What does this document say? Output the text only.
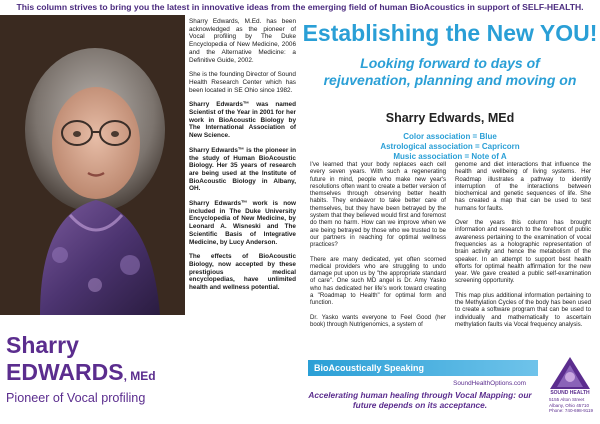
This column strives to bring you the latest in innovative ideas from the emerging field of human BioAcoustics in support of SELF-HEALTH.

Sharry Edwards, M.Ed. has been acknowledged as the pioneer of Vocal profiling by The Duke Encyclopedia of New Medicine, 2006 and the Alternative Medicine: a Definitive Guide, 2002.

She is the founding Director of Sound Health Research Center which has been located in SE Ohio since 1982.

Sharry Edwards™ was named Scientist of the Year in 2001 for her work in BioAcoustic Biology by The International Association of New Science.

Sharry Edwards™ is the pioneer in the study of Human BioAcoustic Biology. Her 35 years of research are being used at the Institute of BioAcoustic Biology in Albany, OH.

Sharry Edwards™ work is now included in The Duke University Encyclopedia of New Medicine, by Leonard A. Wisneski and The Scientific Basis of Integrative Medicine, by Lucy Anderson.

The effects of BioAcoustic Biology, now accepted by these prestigious medical encyclopedias, have unlimited health and wellness potential.

Sharry
EDWARDS, MEd
Pioneer of Vocal profiling
Establishing the New YOU!
Looking forward to days of rejuvenation, planning and moving on
Sharry Edwards, MEd
Color association = Blue
Astrological association = Capricorn
Music association = Note of A

I've learned that your body replaces each cell every seven years. With such a regenerating future in mind, people who make new year's resolutions often want to create a better version of themselves through observing better health habits. They endeavor to take better care of themselves, but they have been betrayed by the system that they believed would first and foremost do them no harm. How can we improve when we are being betrayed by those who we trusted to be our partners in reaching for optimal wellness practices?

There are many dedicated, yet often scorned medical providers who are struggling to undo damage put upon us by "the appropriate standard of care". One such MD angel is Dr. Amy Yasko who has dedicated her life's work toward creating a "Roadmap to Health" for optimal form and function.

Dr. Yasko wants everyone to Feel Good (her book) through Nutrigenomics, a system of

genome and diet interactions that influence the health and wellbeing of living systems. Her Roadmap illustrates a pathway to identify interruption of the interactions between biochemical and genetic sequences of life. She has created a map that can be used to test humans for faults.

Over the years this column has brought information and research to the forefront of public awareness pertaining to the examination of vocal frequencies as a holographic representation of brain activity and hence the metabolism of the speaker. In an attempt to support best health efforts for optimal health affirmation for the new year. We gave created a public self-examination screening opportunity.

This map plus additional information pertaining to the Methylation Cycles of the body has been used to create a software program that can be used to individually and mathematically to ascertain methylation faults via Vocal frequency analysis.

BioAcoustically Speaking
SoundHealthOptions.com
Accelerating human healing through Vocal Mapping: our future depends on its acceptance.
SOUND HEALTH
5155 Alton Street
Albany, Ohio 45710
Phone: 740-698-9119
